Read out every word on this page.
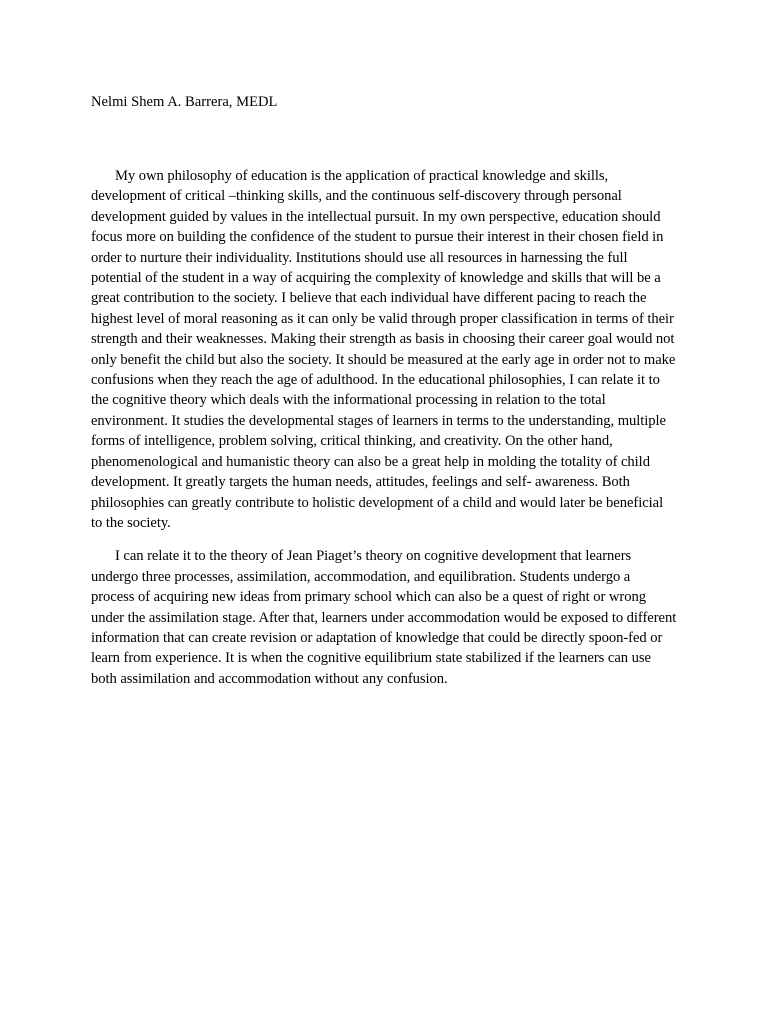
Nelmi Shem A. Barrera, MEDL

My own philosophy of education is the application of practical knowledge and skills, development of critical –thinking skills, and the continuous self-discovery through personal development guided by values in the intellectual pursuit. In my own perspective, education should focus more on building the confidence of the student to pursue their interest in their chosen field in order to nurture their individuality. Institutions should use all resources in harnessing the full potential of the student in a way of acquiring the complexity of knowledge and skills that will be a great contribution to the society. I believe that each individual have different pacing to reach the highest level of moral reasoning as it can only be valid through proper classification in terms of their strength and their weaknesses. Making their strength as basis in choosing their career goal would not only benefit the child but also the society. It should be measured at the early age in order not to make confusions when they reach the age of adulthood. In the educational philosophies, I can relate it to the cognitive theory which deals with the informational processing in relation to the total environment. It studies the developmental stages of learners in terms to the understanding, multiple forms of intelligence, problem solving, critical thinking, and creativity. On the other hand, phenomenological and humanistic theory can also be a great help in molding the totality of child development. It greatly targets the human needs, attitudes, feelings and self- awareness. Both philosophies can greatly contribute to holistic development of a child and would later be beneficial to the society.

I can relate it to the theory of Jean Piaget’s theory on cognitive development that learners undergo three processes, assimilation, accommodation, and equilibration. Students undergo a process of acquiring new ideas from primary school which can also be a quest of right or wrong under the assimilation stage. After that, learners under accommodation would be exposed to different information that can create revision or adaptation of knowledge that could be directly spoon-fed or learn from experience. It is when the cognitive equilibrium state stabilized if the learners can use both assimilation and accommodation without any confusion.
